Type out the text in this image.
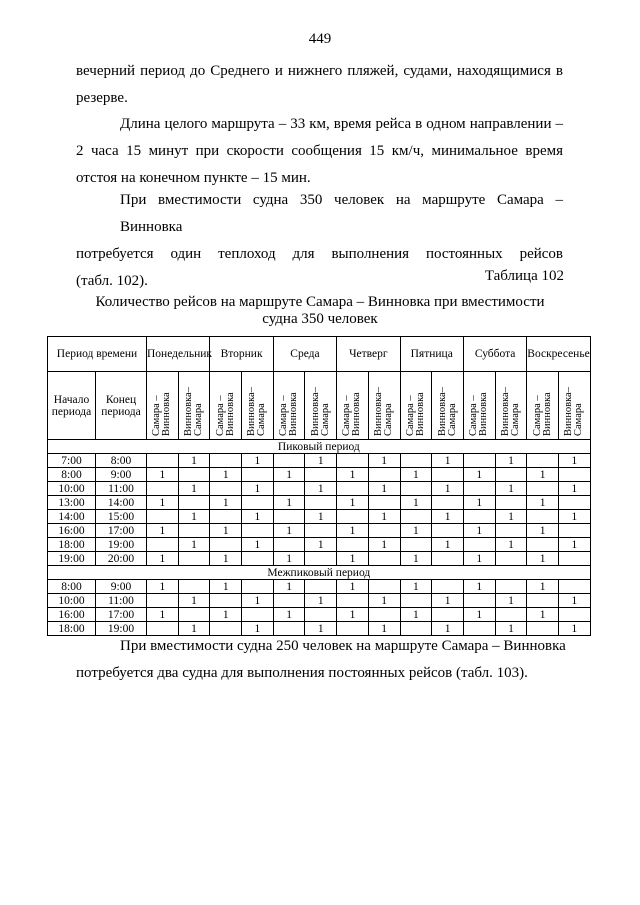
449
вечерний период до Среднего и нижнего пляжей, судами, находящимися в
резерве.
Длина целого маршрута – 33 км, время рейса в одном направлении –
2 часа 15 минут при скорости сообщения 15 км/ч, минимальное время
отстоя на конечном пункте – 15 мин.
При вместимости судна 350 человек на маршруте Самара – Винновка
потребуется один теплоход для выполнения постоянных рейсов
(табл. 102).	Таблица 102
Количество рейсов на маршруте Самара – Винновка при вместимости
судна 350 человек
Период времени		Понедельник		Вторник		Среда		Четверг		Пятница		Суббота		Воскресенье	
Начало периода	Конец периода	Самара – Винновка	Винновка– Самара	Самара – Винновка	Винновка– Самара	Самара – Винновка	Винновка– Самара	Самара – Винновка	Винновка– Самара	Самара – Винновка	Винновка– Самара	Самара – Винновка	Винновка– Самара	Самара – Винновка	Винновка– Самара
Пиковый период															
7:00	8:00		1		1		1		1		1		1		1
8:00	9:00	1		1		1		1		1		1		1	
10:00	11:00		1		1		1		1		1		1		1
13:00	14:00	1		1		1		1		1		1		1	
14:00	15:00		1		1		1		1		1		1		1
16:00	17:00	1		1		1		1		1		1		1	
18:00	19:00		1		1		1		1		1		1		1
19:00	20:00	1		1		1		1		1		1		1	
Межпиковый период															
8:00	9:00	1		1		1		1		1		1		1	
10:00	11:00		1		1		1		1		1		1		1
16:00	17:00	1		1		1		1		1		1		1	
18:00	19:00		1		1		1		1		1		1		1
При вместимости судна 250 человек на маршруте Самара – Винновка
потребуется два судна для выполнения постоянных рейсов (табл. 103).
